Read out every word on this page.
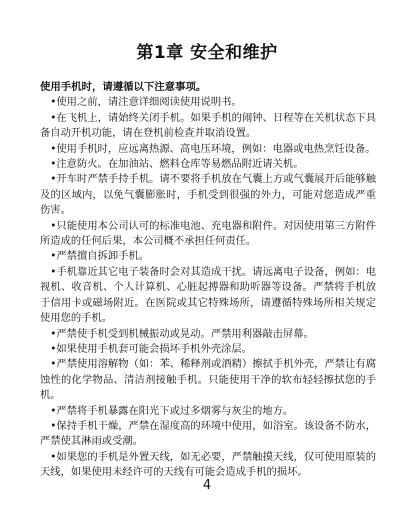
第1章 安全和维护

使用手机时，请遵循以下注意事项。

•使用之前，请注意详细阅读使用说明书。
•在飞机上，请始终关闭手机。如果手机的闹钟、日程等在关机状态下具备自动开机功能，请在登机前检查并取消设置。
•使用手机时，应远离热源、高电压环境，例如：电器或电热烹饪设备。
•注意防火。在加油站、燃料仓库等易燃品附近请关机。
•开车时严禁手持手机。请不要将手机放在气囊上方或气囊展开后能够触及的区域内，以免气囊膨胀时，手机受到很强的外力，可能对您造成严重伤害。
•只能使用本公司认可的标准电池、充电器和附件。对因使用第三方附件所造成的任何后果，本公司概不承担任何责任。
•严禁擅自拆卸手机。
•手机靠近其它电子装备时会对其造成干扰。请远离电子设备，例如：电视机、收音机、个人计算机、心脏起搏器和助听器等设备。严禁将手机放于信用卡或磁场附近。在医院或其它特殊场所，请遵循特殊场所相关规定使用您的手机。
•严禁使手机受到机械振动或晃动。严禁用利器敲击屏幕。
•如果使用手机套可能会损坏手机外壳涂层。
•严禁使用溶解物（如：苯、稀释剂或酒精）擦拭手机外壳，严禁让有腐蚀性的化学物品、清洁剂接触手机。只能使用干净的软布轻轻擦拭您的手机。
•严禁将手机暴露在阳光下或过多烟雾与灰尘的地方。
•保持手机干燥，严禁在湿度高的环境中使用，如浴室。该设备不防水，严禁使其淋雨或受潮。
•如果您的手机是外置天线，如无必要，严禁触摸天线，仅可使用原装的天线，如果使用未经许可的天线有可能会造成手机的损坏。
4
